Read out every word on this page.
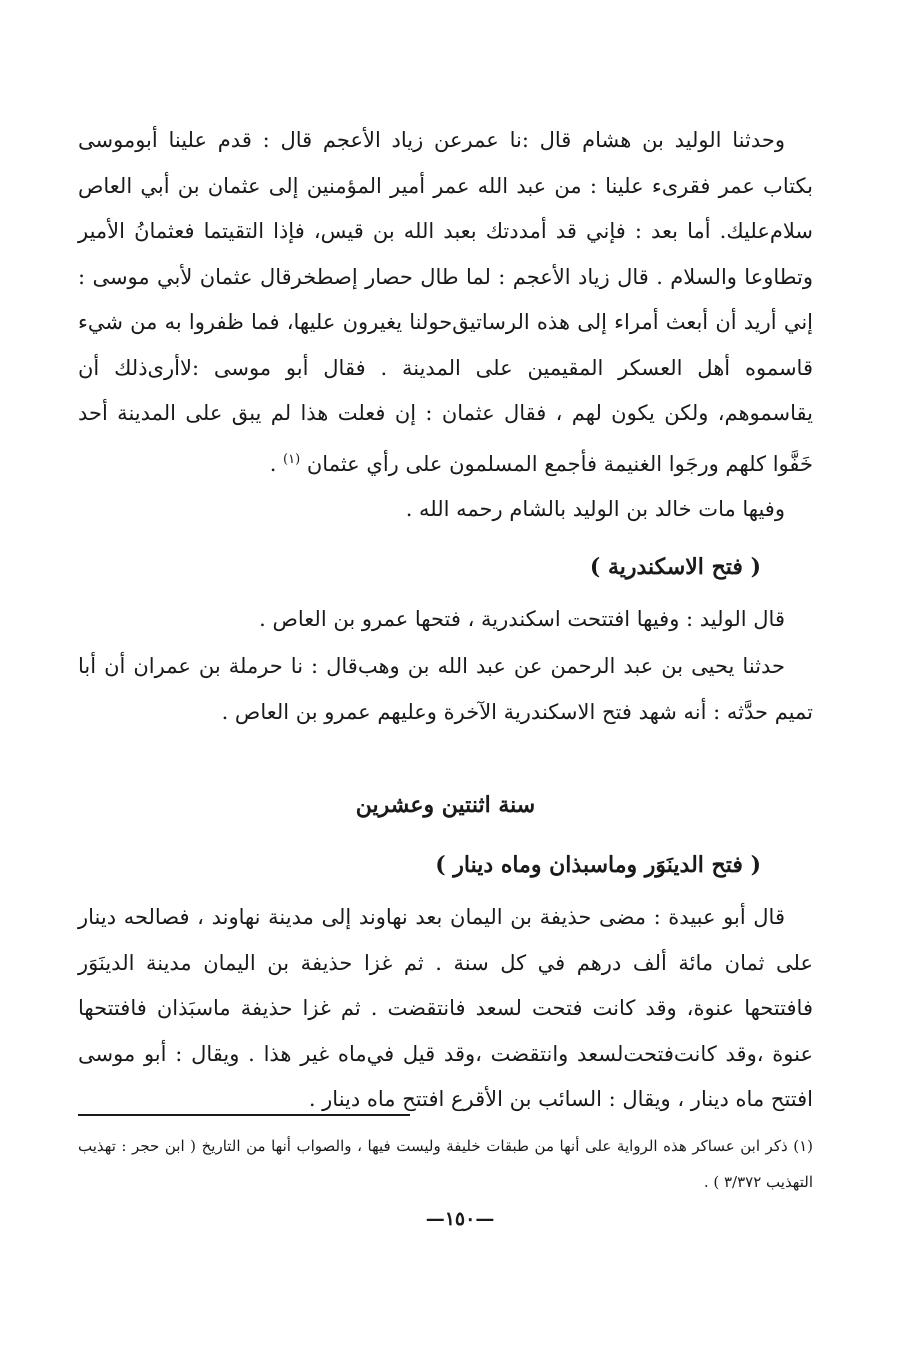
وحدثنا الوليد بن هشام قال :نا عمرعن زياد الأعجم قال : قدم علينا أبوموسى بكتاب عمر فقرىء علينا : من عبد الله عمر أمير المؤمنين إلى عثمان بن أبي العاص سلام‌عليك. أما بعد : فإني قد أمددتك بعبد الله بن قيس، فإذا التقيتما فعثمانُ الأمير وتطاوعا والسلام . قال زياد الأعجم : لما طال حصار إصطخرقال عثمان لأبي موسى : إني أريد أن أبعث أمراء إلى هذه الرساتيق‌حولنا يغيرون عليها، فما ظفروا به من شيء قاسموه أهل العسكر المقيمين على المدينة . فقال أبو موسى :لاأرى‌ذلك أن يقاسموهم، ولكن يكون لهم ، فقال عثمان : إن فعلت هذا لم يبق على المدينة أحد خَفَّوا كلهم ورجَوا الغنيمة فأجمع المسلمون على رأي عثمان $^{(١)}$ .

وفيها مات خالد بن الوليد بالشام رحمه الله .

( فتح الاسكندرية )

قال الوليد : وفيها افتتحت اسكندرية ، فتحها عمرو بن العاص .

حدثنا يحيى بن عبد الرحمن عن عبد الله بن وهب‌قال : نا حرملة بن عمران أن أبا تميم حدَّثه : أنه شهد فتح الاسكندرية الآخرة وعليهم عمرو بن العاص .

سنة اثنتين وعشرين

( فتح الدينَوَر وماسبذان وماه دينار )

قال أبو عبيدة : مضى حذيفة بن اليمان بعد نهاوند إلى مدينة نهاوند ، فصالحه دينار على ثمان مائة ألف درهم في كل سنة . ثم غزا حذيفة بن اليمان مدينة الدينَوَر فافتتحها عنوة، وقد كانت فتحت لسعد فانتقضت . ثم غزا حذيفة ماسبَذان فافتتحها عنوة ،وقد كانت‌فتحت‌لسعد وانتقضت ،وقد قيل في‌ماه غير هذا . ويقال : أبو موسى افتتح ماه دينار ، ويقال : السائب بن الأقرع افتتح ماه دينار .

(١) ذكر ابن عساكر هذه الرواية على أنها من طبقات خليفة وليست فيها ، والصواب أنها من التاريخ ( ابن حجر : تهذيب التهذيب ٣/٣٧٢ ) .

—١٥٠—
